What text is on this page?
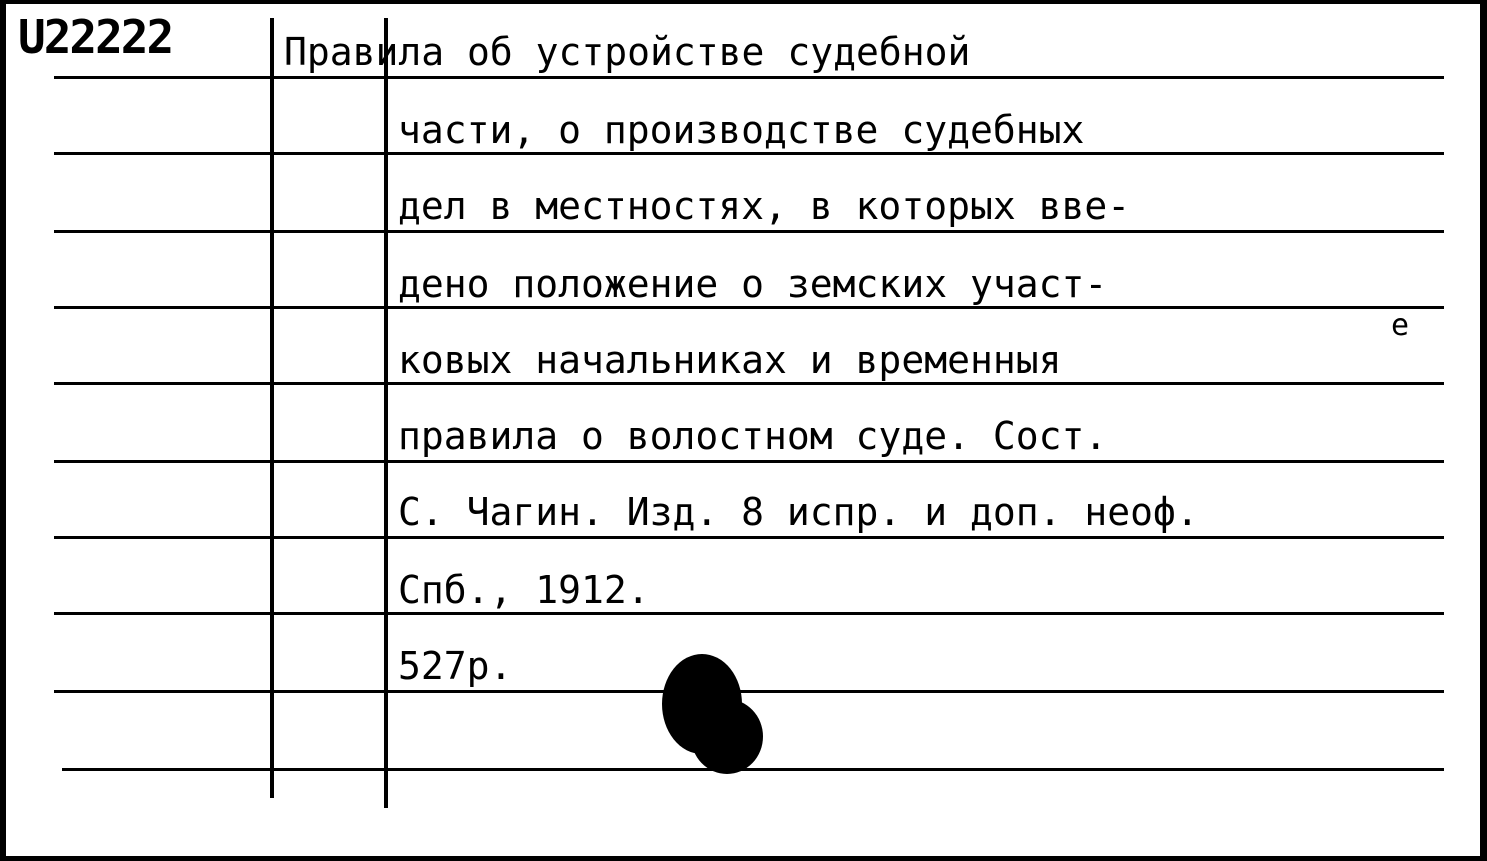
U22222	Правила об устройстве судебной
части, о производстве судебных
дел в местностях, в которых вве-
дено положение о земских участ-
ковых начальниках и временныя
правила о волостном суде. Сост.
С. Чагин. Изд. 8 испр. и доп. неоф.
Спб., 1912.
527р.
е
